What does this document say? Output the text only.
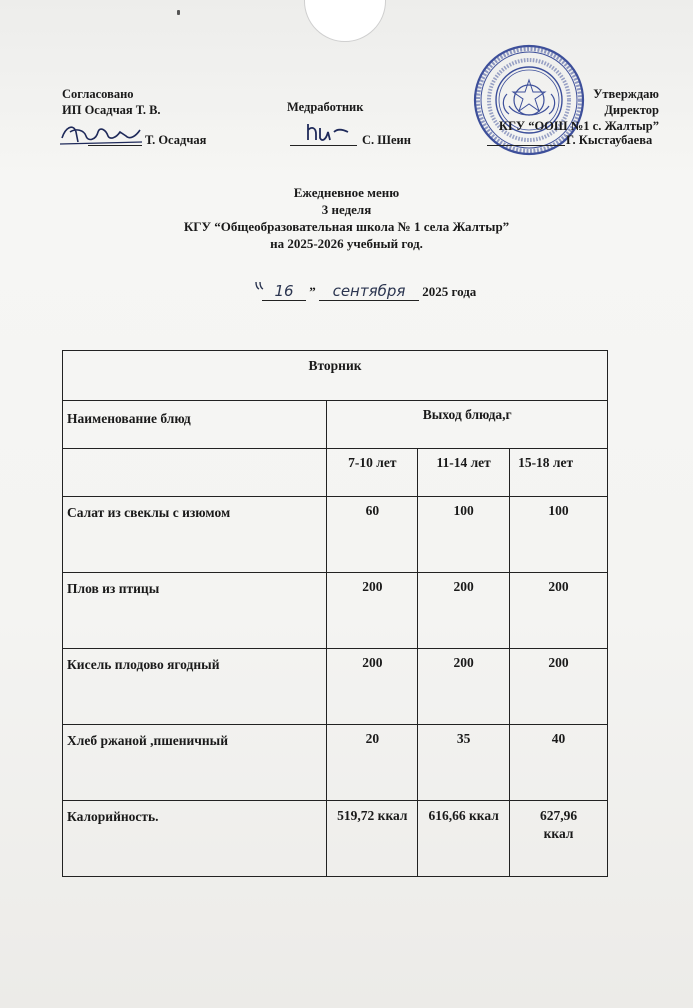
Согласовано
ИП Осадчая Т. В.
Т. Осадчая
Медработник
С. Шеин
Утверждаю
Директор
КГУ “ООШ №1 с. Жалтыр”
Г. Кыстаубаева
Ежедневное меню
3 неделя
КГУ “Общеобразовательная школа № 1 села Жалтыр”
на 2025-2026 учебный год.
16 ” сентября 2025 года
Вторник			
Наименование блюд	Выход блюда,г		
	7-10 лет	11-14 лет	15-18 лет
Салат из свеклы с изюмом	60	100	100
Плов из птицы	200	200	200
Кисель плодово ягодный	200	200	200
Хлеб ржаной ,пшеничный	20	35	40
Калорийность.	519,72 ккал	616,66 ккал	627,96 ккал
